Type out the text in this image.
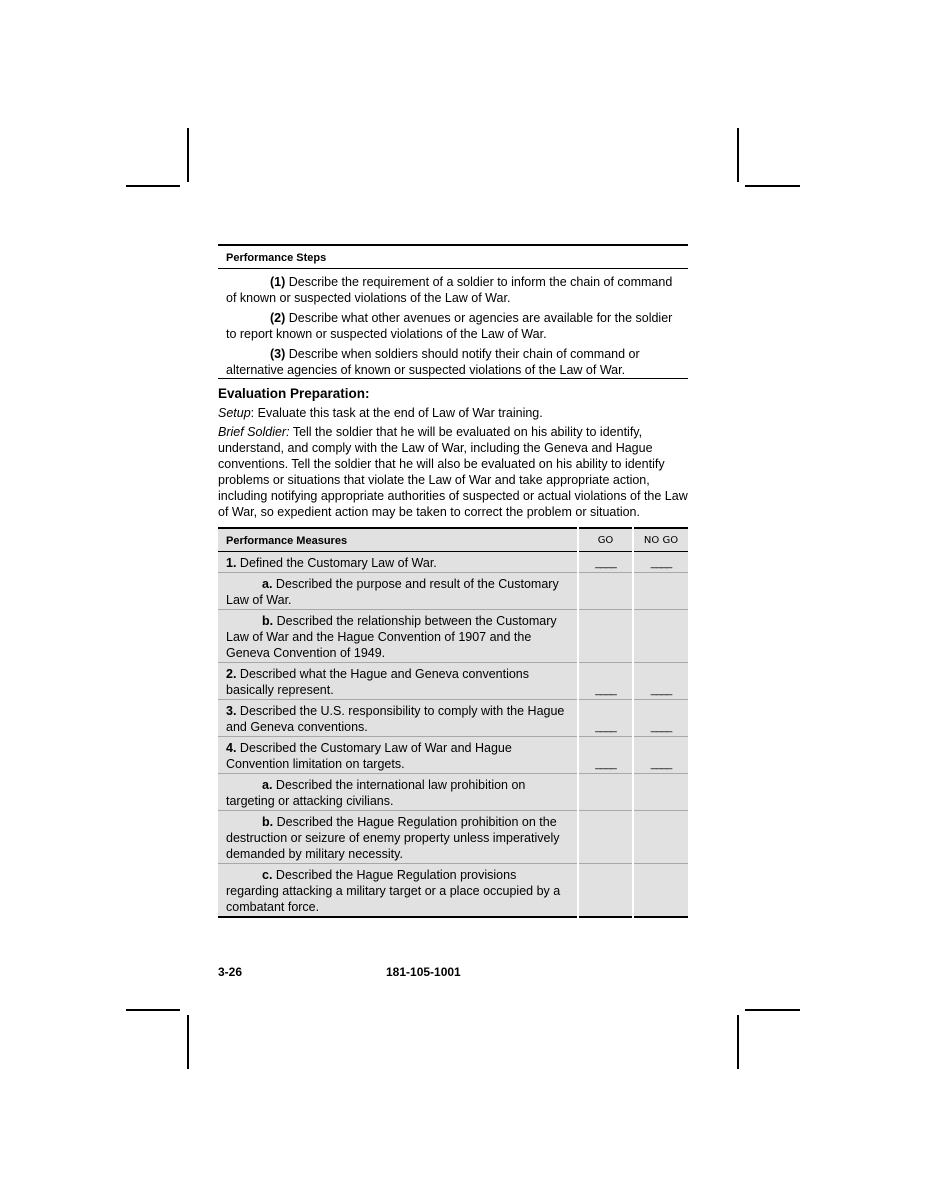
Performance Steps
(1) Describe the requirement of a soldier to inform the chain of command of known or suspected violations of the Law of War.
(2) Describe what other avenues or agencies are available for the soldier to report known or suspected violations of the Law of War.
(3) Describe when soldiers should notify their chain of command or alternative agencies of known or suspected violations of the Law of War.
Evaluation Preparation:
Setup: Evaluate this task at the end of Law of War training.
Brief Soldier: Tell the soldier that he will be evaluated on his ability to identify, understand, and comply with the Law of War, including the Geneva and Hague conventions. Tell the soldier that he will also be evaluated on his ability to identify problems or situations that violate the Law of War and take appropriate action, including notifying appropriate authorities of suspected or actual violations of the Law of War, so expedient action may be taken to correct the problem or situation.
Performance Measures	GO	NO GO

1. Defined the Customary Law of War.	____	____

a. Described the purpose and result of the Customary Law of War.		

b. Described the relationship between the Customary Law of War and the Hague Convention of 1907 and the Geneva Convention of 1949.		

2. Described what the Hague and Geneva conventions basically represent.	____	____

3. Described the U.S. responsibility to comply with the Hague and Geneva conventions.	____	____

4. Described the Customary Law of War and Hague Convention limitation on targets.	____	____

a. Described the international law prohibition on targeting or attacking civilians.		

b. Described the Hague Regulation prohibition on the destruction or seizure of enemy property unless imperatively demanded by military necessity.		

c. Described the Hague Regulation provisions regarding attacking a military target or a place occupied by a combatant force.		

3-26	181-105-1001
